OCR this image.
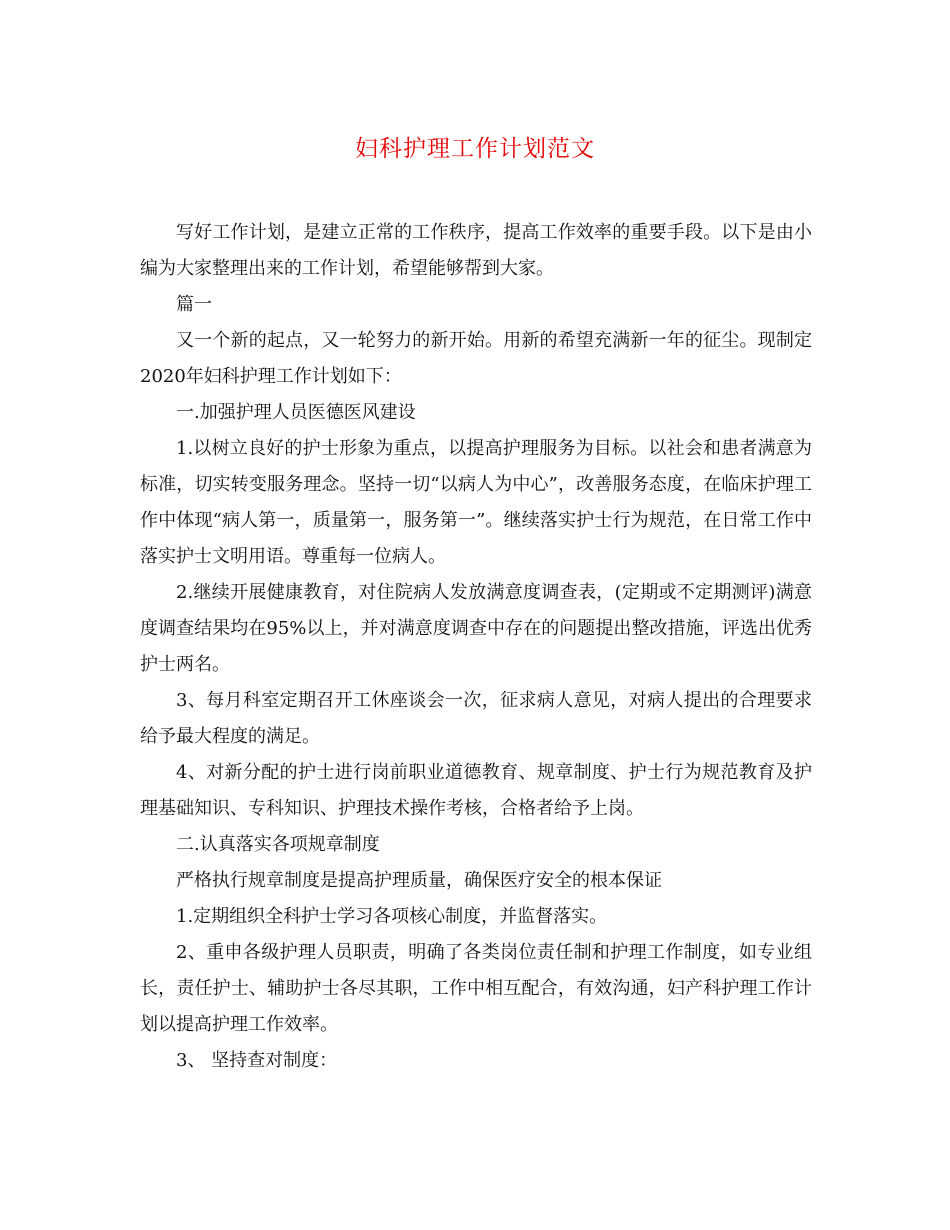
妇科护理工作计划范文

写好工作计划，是建立正常的工作秩序，提高工作效率的重要手段。以下是由小编为大家整理出来的工作计划，希望能够帮到大家。

篇一

又一个新的起点，又一轮努力的新开始。用新的希望充满新一年的征尘。现制定2020年妇科护理工作计划如下：

一.加强护理人员医德医风建设

1.以树立良好的护士形象为重点，以提高护理服务为目标。以社会和患者满意为标准，切实转变服务理念。坚持一切“以病人为中心”，改善服务态度，在临床护理工作中体现“病人第一，质量第一，服务第一”。继续落实护士行为规范，在日常工作中落实护士文明用语。尊重每一位病人。

2.继续开展健康教育，对住院病人发放满意度调查表，(定期或不定期测评)满意度调查结果均在95%以上，并对满意度调查中存在的问题提出整改措施，评选出优秀护士两名。

3、每月科室定期召开工休座谈会一次，征求病人意见，对病人提出的合理要求给予最大程度的满足。

4、对新分配的护士进行岗前职业道德教育、规章制度、护士行为规范教育及护理基础知识、专科知识、护理技术操作考核，合格者给予上岗。

二.认真落实各项规章制度

严格执行规章制度是提高护理质量，确保医疗安全的根本保证

1.定期组织全科护士学习各项核心制度，并监督落实。

2、重申各级护理人员职责，明确了各类岗位责任制和护理工作制度，如专业组长，责任护士、辅助护士各尽其职，工作中相互配合，有效沟通，妇产科护理工作计划以提高护理工作效率。

3、 坚持查对制度：
